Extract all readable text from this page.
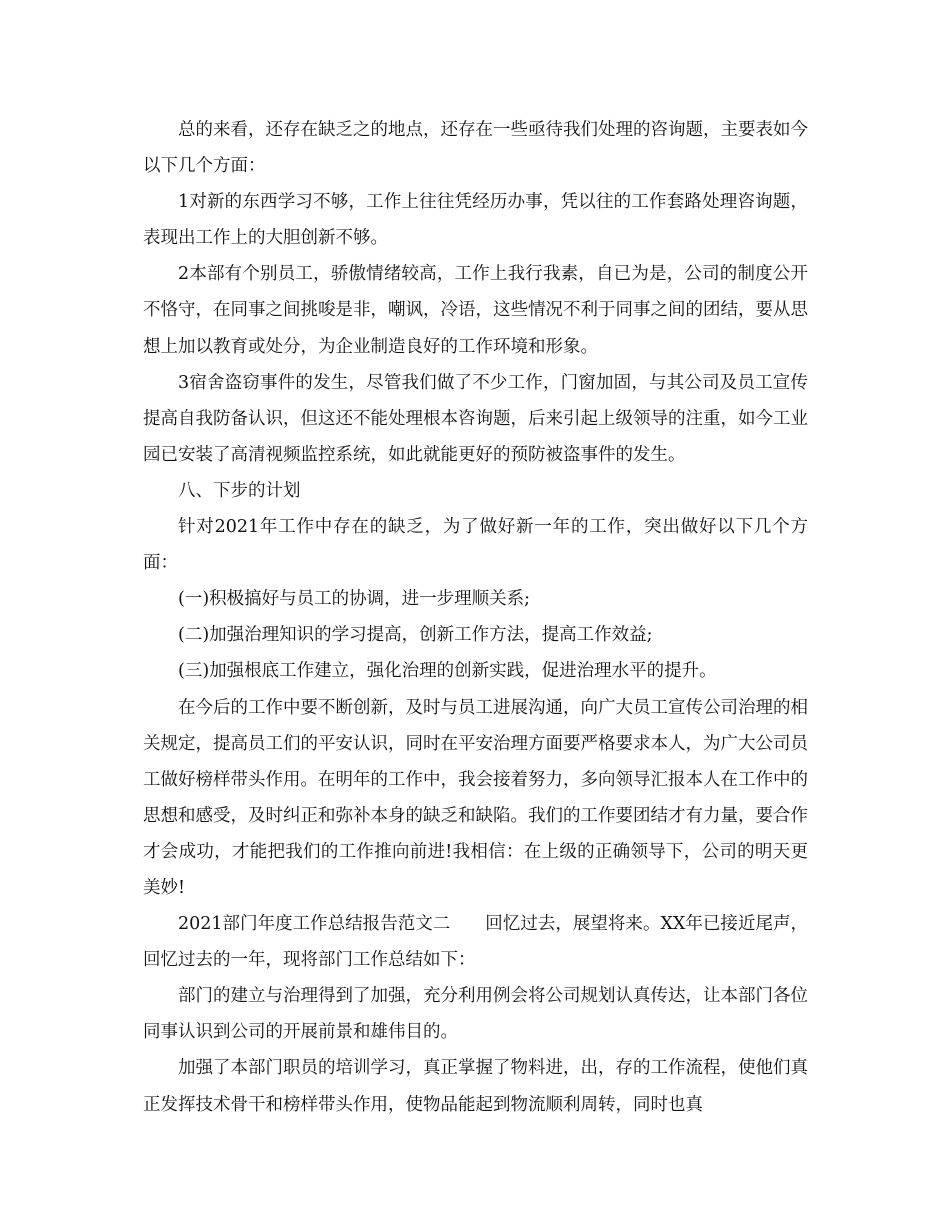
总的来看，还存在缺乏之的地点，还存在一些亟待我们处理的咨询题，主要表如今以下几个方面：

1对新的东西学习不够，工作上往往凭经历办事，凭以往的工作套路处理咨询题，表现出工作上的大胆创新不够。

2本部有个别员工，骄傲情绪较高，工作上我行我素，自已为是，公司的制度公开不恪守，在同事之间挑唆是非，嘲讽，冷语，这些情况不利于同事之间的团结，要从思想上加以教育或处分，为企业制造良好的工作环境和形象。

3宿舍盗窃事件的发生，尽管我们做了不少工作，门窗加固，与其公司及员工宣传提高自我防备认识，但这还不能处理根本咨询题，后来引起上级领导的注重，如今工业园已安装了高清视频监控系统，如此就能更好的预防被盗事件的发生。

八、下步的计划

针对2021年工作中存在的缺乏，为了做好新一年的工作，突出做好以下几个方面：

(一)积极搞好与员工的协调，进一步理顺关系;

(二)加强治理知识的学习提高，创新工作方法，提高工作效益;

(三)加强根底工作建立，强化治理的创新实践，促进治理水平的提升。

在今后的工作中要不断创新，及时与员工进展沟通，向广大员工宣传公司治理的相关规定，提高员工们的平安认识，同时在平安治理方面要严格要求本人，为广大公司员工做好榜样带头作用。在明年的工作中，我会接着努力，多向领导汇报本人在工作中的思想和感受，及时纠正和弥补本身的缺乏和缺陷。我们的工作要团结才有力量，要合作才会成功，才能把我们的工作推向前进!我相信：在上级的正确领导下，公司的明天更美妙!

2021部门年度工作总结报告范文二　　回忆过去，展望将来。XX年已接近尾声，回忆过去的一年，现将部门工作总结如下：

部门的建立与治理得到了加强，充分利用例会将公司规划认真传达，让本部门各位同事认识到公司的开展前景和雄伟目的。

加强了本部门职员的培训学习，真正掌握了物料进，出，存的工作流程，使他们真正发挥技术骨干和榜样带头作用，使物品能起到物流顺利周转，同时也真
